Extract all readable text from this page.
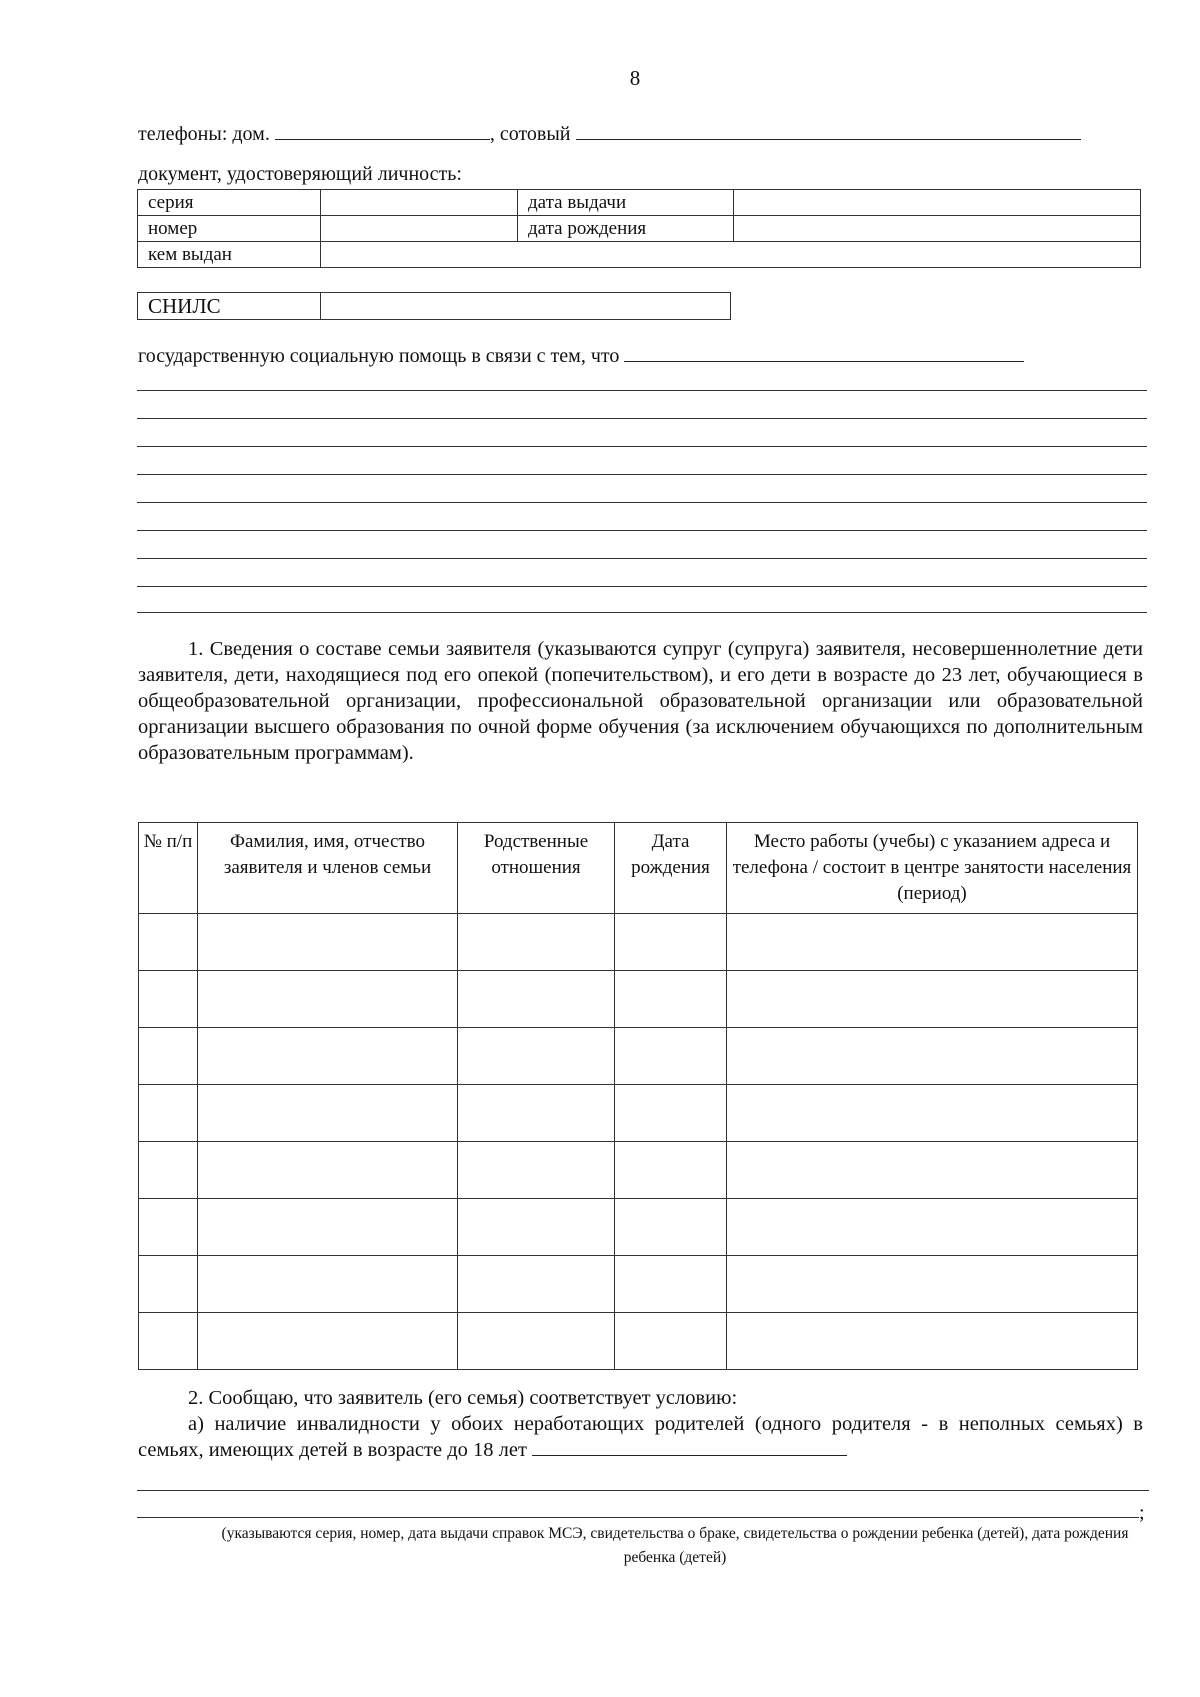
8
телефоны: дом.	, сотовый
документ, удостоверяющий личность:
серия		дата выдачи	
номер		дата рождения	
кем выдан			
СНИЛС	
государственную социальную помощь в связи с тем, что
1. Сведения о составе семьи заявителя (указываются супруг (супруга) заявителя, несовершеннолетние дети заявителя, дети, находящиеся под его опекой (попечительством), и его дети в возрасте до 23 лет, обучающиеся в общеобразовательной организации, профессиональной образовательной организации или образовательной организации высшего образования по очной форме обучения (за исключением обучающихся по дополнительным образовательным программам).
№ п/п	Фамилия, имя, отчество заявителя и членов семьи	Родственные отношения	Дата рождения	Место работы (учебы) с указанием адреса и телефона / состоит в центре занятости населения (период)

2. Сообщаю, что заявитель (его семья) соответствует условию:
а) наличие инвалидности у обоих неработающих родителей (одного родителя - в неполных семьях) в семьях, имеющих детей в возрасте до 18 лет
;
(указываются серия, номер, дата выдачи справок МСЭ, свидетельства о браке, свидетельства о рождении ребенка (детей), дата рождения ребенка (детей)
